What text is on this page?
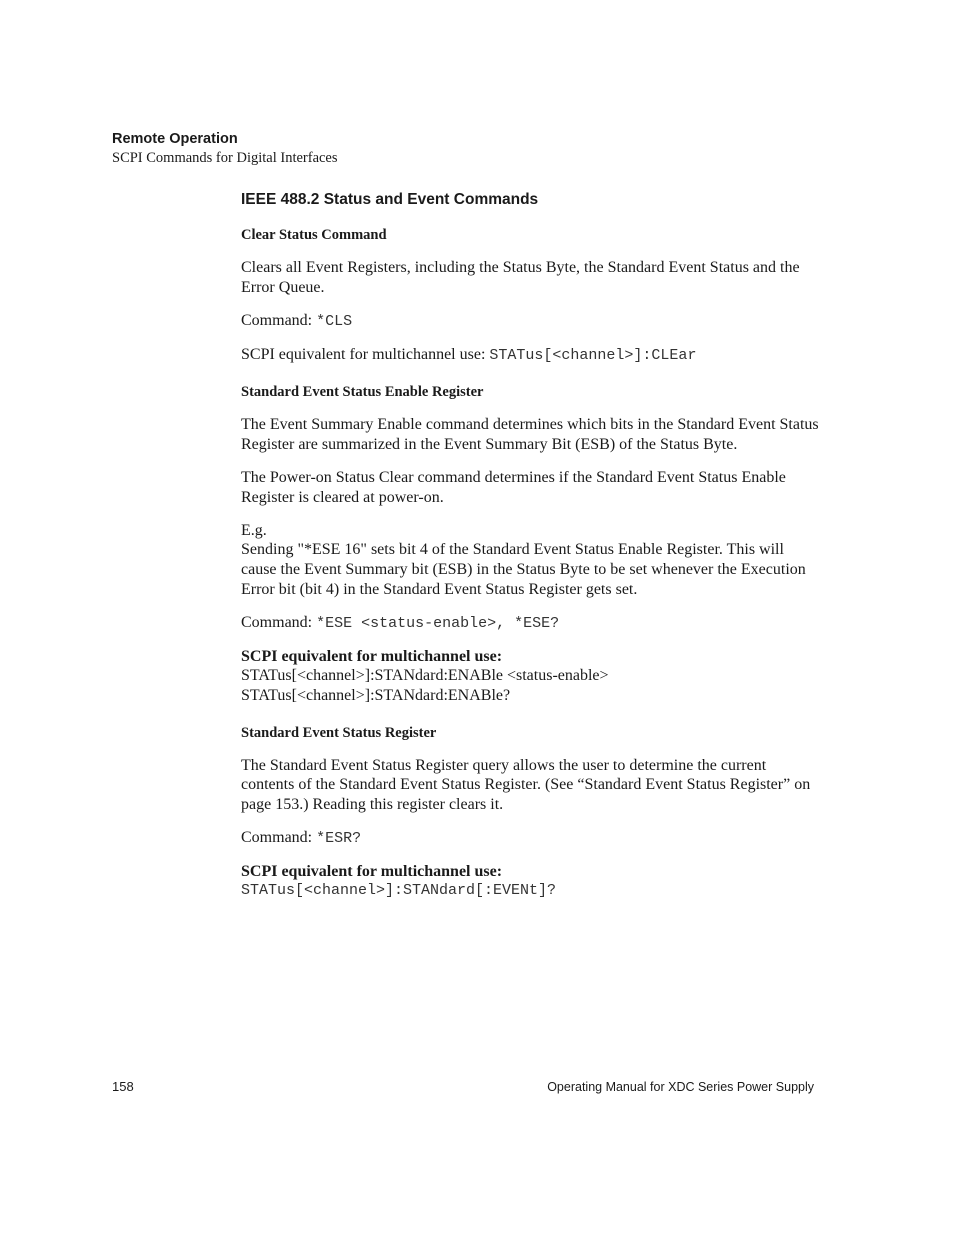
Remote Operation
SCPI Commands for Digital Interfaces
IEEE 488.2 Status and Event Commands
Clear Status Command
Clears all Event Registers, including the Status Byte, the Standard Event Status and the Error Queue.
Command: *CLS
SCPI equivalent for multichannel use: STATus[<channel>]:CLEar
Standard Event Status Enable Register
The Event Summary Enable command determines which bits in the Standard Event Status Register are summarized in the Event Summary Bit (ESB) of the Status Byte.
The Power-on Status Clear command determines if the Standard Event Status Enable Register is cleared at power-on.
E.g.
Sending "*ESE 16" sets bit 4 of the Standard Event Status Enable Register. This will cause the Event Summary bit (ESB) in the Status Byte to be set whenever the Execution Error bit (bit 4) in the Standard Event Status Register gets set.
Command: *ESE <status-enable>, *ESE?
SCPI equivalent for multichannel use:
STATus[<channel>]:STANdard:ENABle <status-enable>
STATus[<channel>]:STANdard:ENABle?
Standard Event Status Register
The Standard Event Status Register query allows the user to determine the current contents of the Standard Event Status Register. (See “Standard Event Status Register” on page 153.) Reading this register clears it.
Command: *ESR?
SCPI equivalent for multichannel use:
STATus[<channel>]:STANdard[:EVENt]?
158	Operating Manual for XDC Series Power Supply
